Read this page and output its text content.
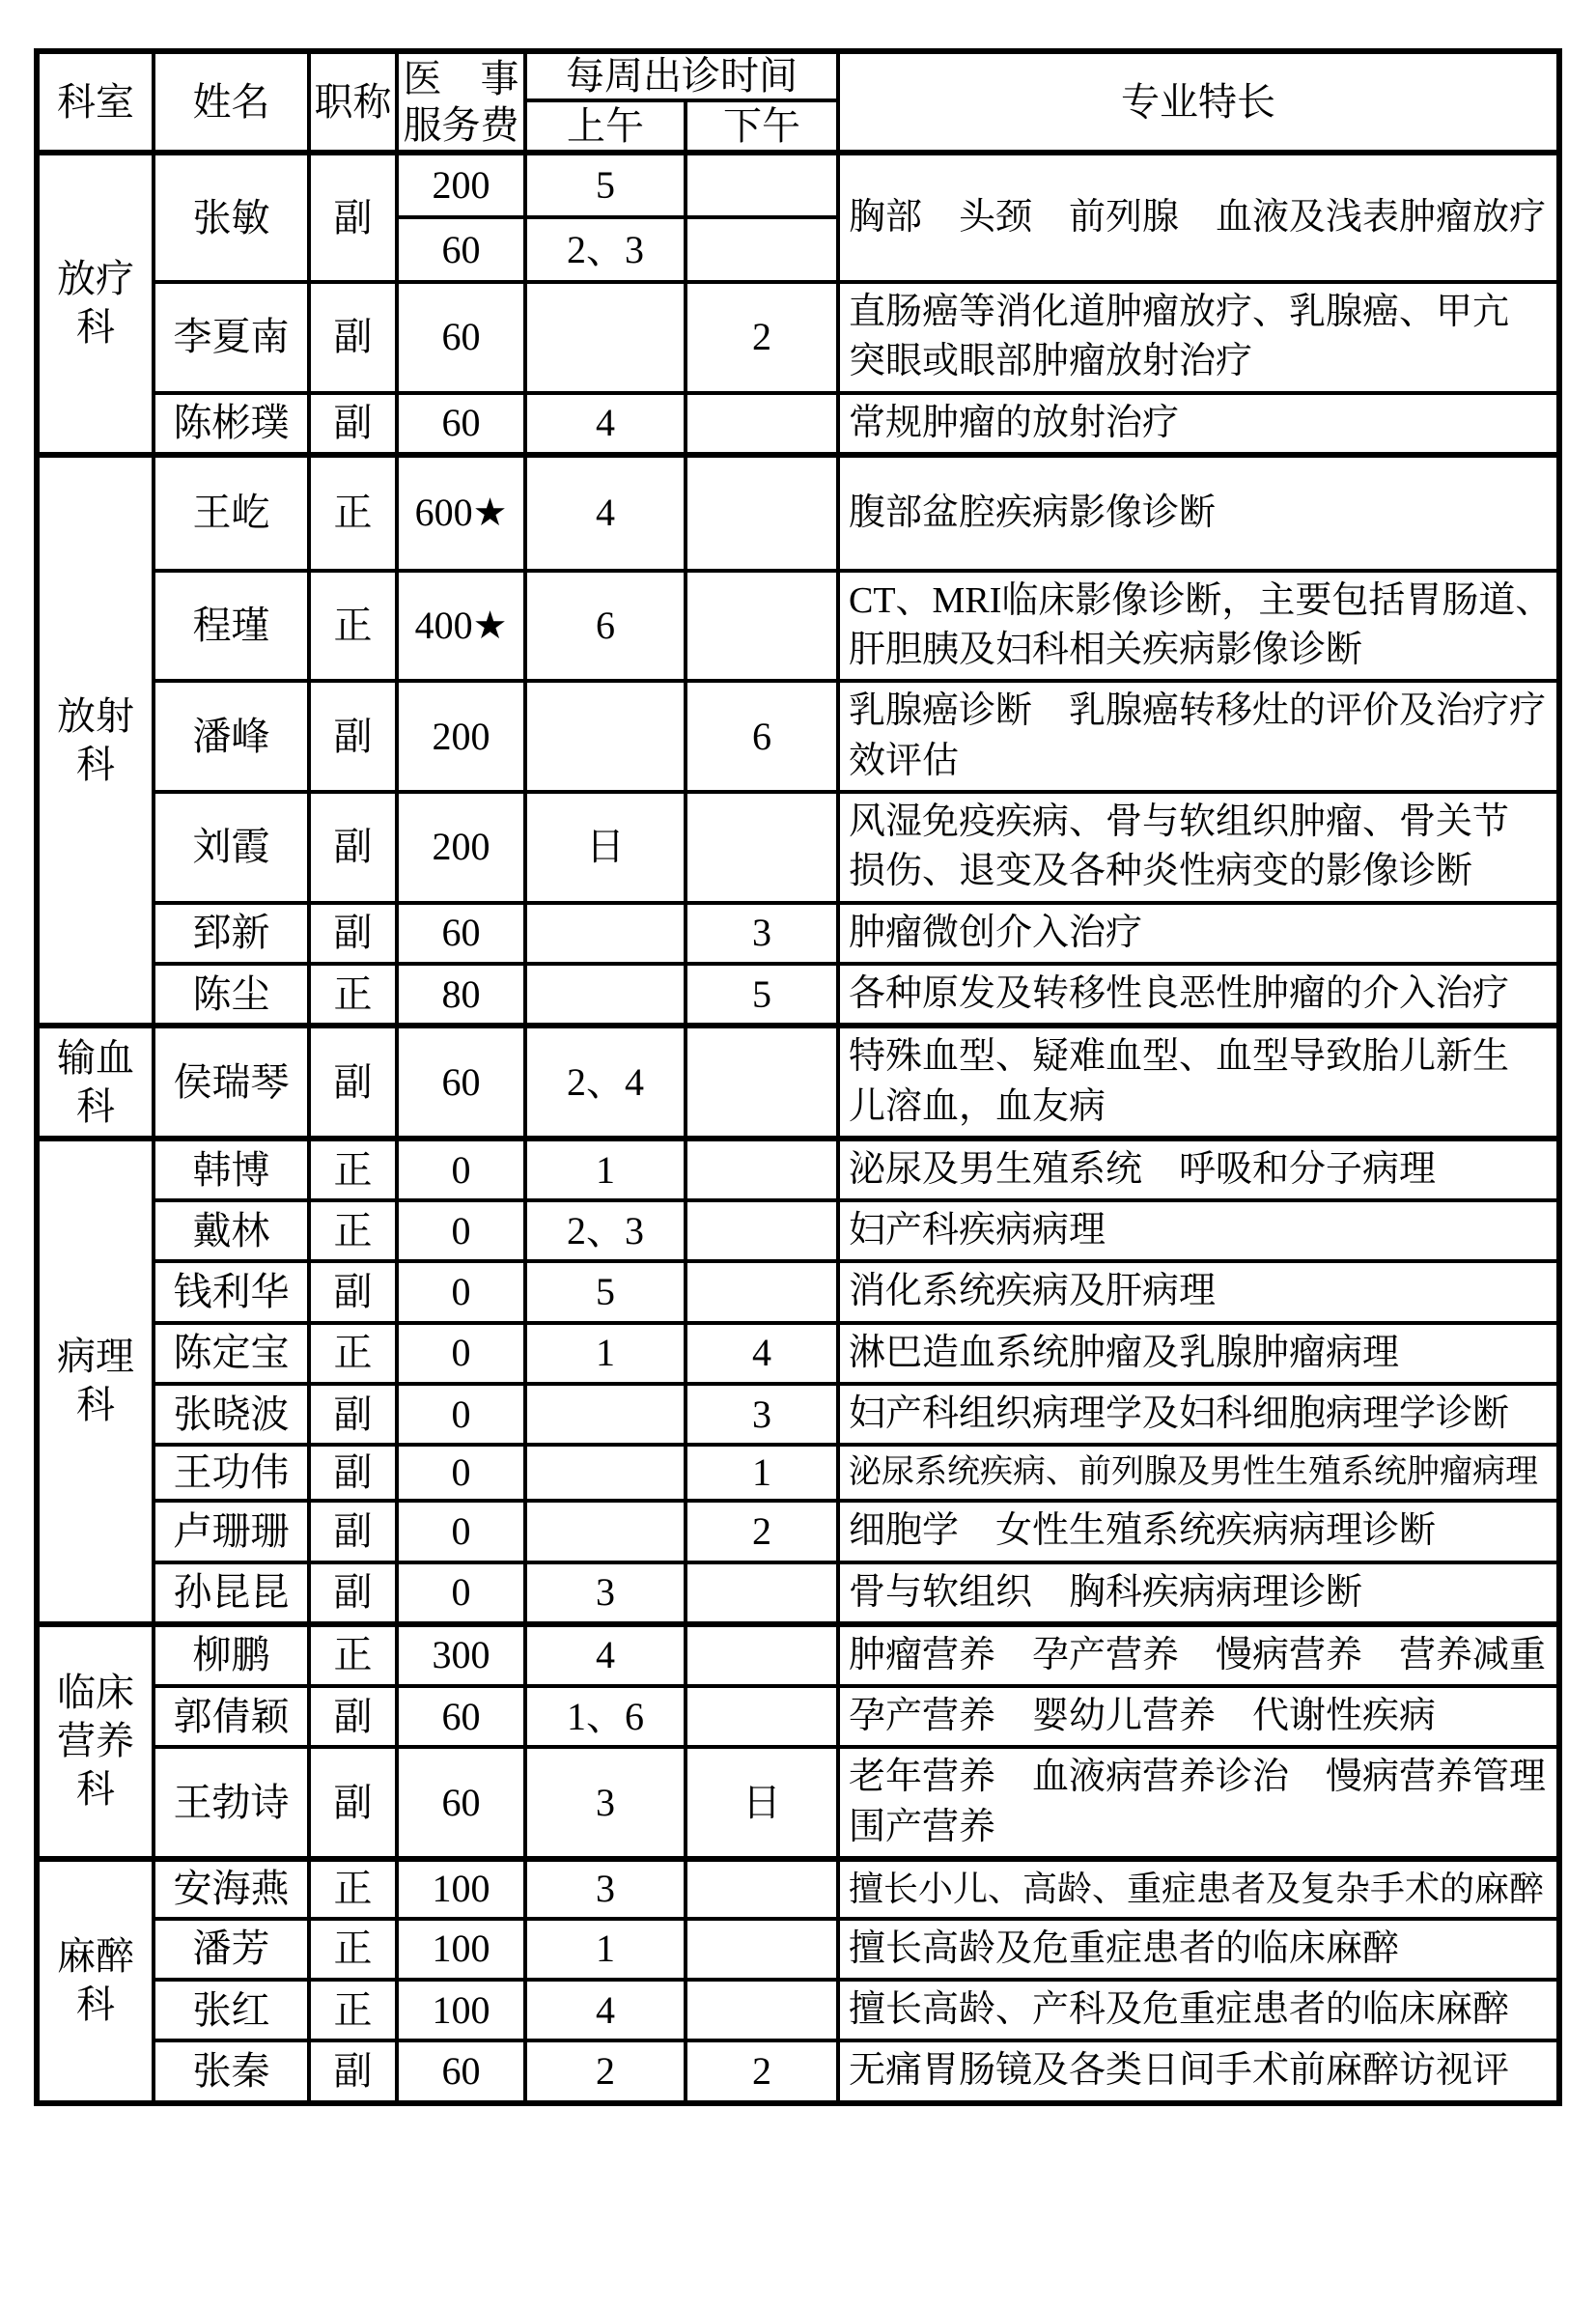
科室	姓名	职称	医　事
服务费	每周出诊时间		专业特长
				上午	下午	

放疗科	张敏	副	200	5		胸部　头颈　前列腺　血液及浅表肿瘤放疗

			60	2、3		
	李夏南	副	60		2	直肠癌等消化道肿瘤放疗、乳腺癌、甲亢
突眼或眼部肿瘤放射治疗

	陈彬璞	副	60	4		常规肿瘤的放射治疗

放射科	王屹	正	600★	4		腹部盆腔疾病影像诊断

	程瑾	正	400★	6		CT、MRI临床影像诊断，主要包括胃肠道、
肝胆胰及妇科相关疾病影像诊断

	潘峰	副	200		6	乳腺癌诊断　乳腺癌转移灶的评价及治疗疗
效评估

	刘霞	副	200	日		风湿免疫疾病、骨与软组织肿瘤、骨关节
损伤、退变及各种炎性病变的影像诊断

	郅新	副	60		3	肿瘤微创介入治疗

	陈尘	正	80		5	各种原发及转移性良恶性肿瘤的介入治疗

输血科	侯瑞琴	副	60	2、4		特殊血型、疑难血型、血型导致胎儿新生
儿溶血，血友病

病理科	韩博	正	0	1		泌尿及男生殖系统　呼吸和分子病理

	戴林	正	0	2、3		妇产科疾病病理

	钱利华	副	0	5		消化系统疾病及肝病理

	陈定宝	正	0	1	4	淋巴造血系统肿瘤及乳腺肿瘤病理

	张晓波	副	0		3	妇产科组织病理学及妇科细胞病理学诊断

	王功伟	副	0		1	泌尿系统疾病、前列腺及男性生殖系统肿瘤病理

	卢珊珊	副	0		2	细胞学　女性生殖系统疾病病理诊断

	孙昆昆	副	0	3		骨与软组织　胸科疾病病理诊断

临床
营养
科	柳鹏	正	300	4		肿瘤营养　孕产营养　慢病营养　营养减重

	郭倩颖	副	60	1、6		孕产营养　婴幼儿营养　代谢性疾病

	王勃诗	副	60	3	日	老年营养　血液病营养诊治　慢病营养管理
围产营养

麻醉科	安海燕	正	100	3		擅长小儿、高龄、重症患者及复杂手术的麻醉

	潘芳	正	100	1		擅长高龄及危重症患者的临床麻醉

	张红	正	100	4		擅长高龄、产科及危重症患者的临床麻醉

	张秦	副	60	2	2	无痛胃肠镜及各类日间手术前麻醉访视评
